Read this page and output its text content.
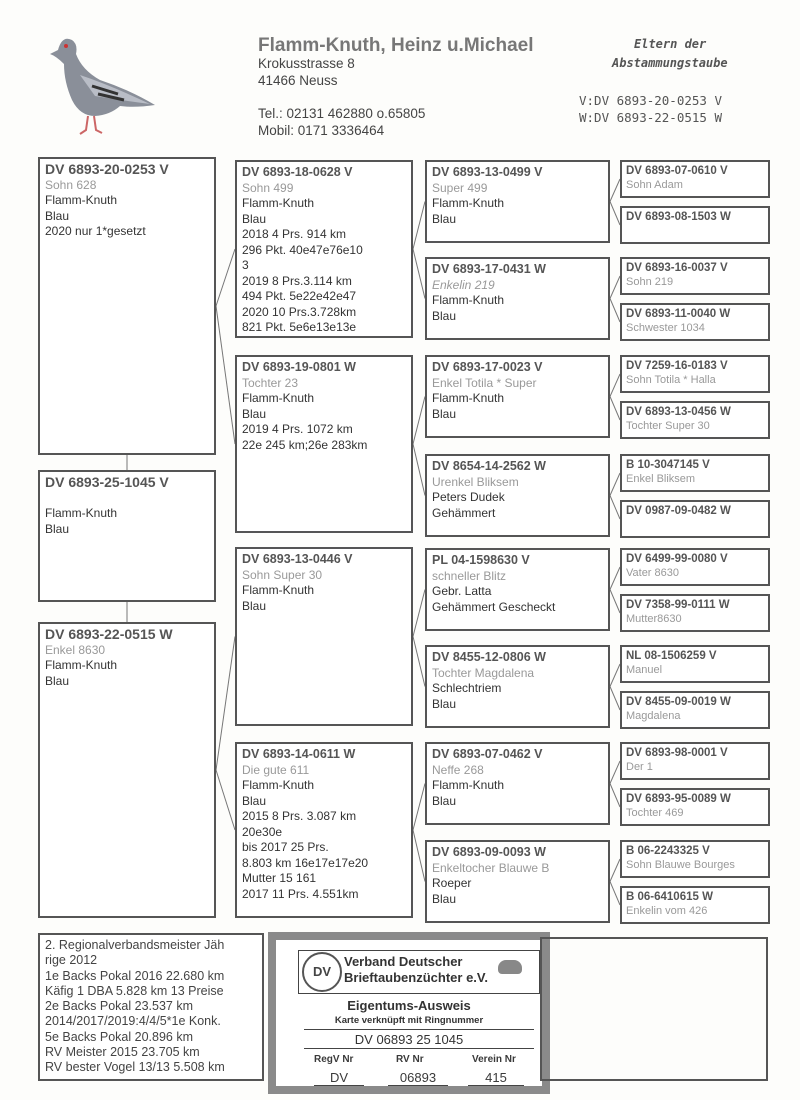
Flamm-Knuth, Heinz u.Michael
Krokusstrasse 8
41466 Neuss
Tel.: 02131 462880 o.65805
Mobil: 0171 3336464
Eltern der
Abstammungstaube
V:DV 6893-20-0253 V
W:DV 6893-22-0515 W
DV 6893-20-0253 V
Sohn 628
Flamm-Knuth
Blau
2020 nur 1*gesetzt
DV 6893-25-1045 V

Flamm-Knuth
Blau
DV 6893-22-0515 W
Enkel 8630
Flamm-Knuth
Blau
DV 6893-18-0628 V
Sohn 499
Flamm-Knuth
Blau
2018 4 Prs. 914 km
296 Pkt. 40e47e76e10
3
2019 8 Prs.3.114 km
494 Pkt. 5e22e42e47
2020 10 Prs.3.728km
821 Pkt. 5e6e13e13e
DV 6893-19-0801 W
Tochter 23
Flamm-Knuth
Blau
2019 4 Prs. 1072 km
22e 245 km;26e 283km
DV 6893-13-0446 V
Sohn Super 30
Flamm-Knuth
Blau
DV 6893-14-0611 W
Die gute 611
Flamm-Knuth
Blau
2015 8 Prs. 3.087 km
20e30e
bis 2017 25 Prs.
8.803 km 16e17e17e20
Mutter 15 161
2017 11 Prs. 4.551km
DV 6893-13-0499 V
Super 499
Flamm-Knuth
Blau
DV 6893-17-0431 W
Enkelin 219
Flamm-Knuth
Blau
DV 6893-17-0023 V
Enkel Totila * Super
Flamm-Knuth
Blau
DV 8654-14-2562 W
Urenkel Bliksem
Peters Dudek
Gehämmert
PL 04-1598630 V
schneller Blitz
Gebr. Latta
Gehämmert Gescheckt
DV 8455-12-0806 W
Tochter Magdalena
Schlechtriem
Blau
DV 6893-07-0462 V
Neffe 268
Flamm-Knuth
Blau
DV 6893-09-0093 W
Enkeltocher Blauwe B
Roeper
Blau
DV 6893-07-0610 V
Sohn Adam
DV 6893-08-1503 W
DV 6893-16-0037 V
Sohn 219
DV 6893-11-0040 W
Schwester 1034
DV 7259-16-0183 V
Sohn Totila * Halla
DV 6893-13-0456 W
Tochter Super 30
B 10-3047145 V
Enkel Bliksem
DV 0987-09-0482 W
DV 6499-99-0080 V
Vater 8630
DV 7358-99-0111 W
Mutter8630
NL 08-1506259 V
Manuel
DV 8455-09-0019 W
Magdalena
DV 6893-98-0001 V
Der 1
DV 6893-95-0089 W
Tochter 469
B 06-2243325 V
Sohn Blauwe Bourges
B 06-6410615 W
Enkelin vom 426
2. Regionalverbandsmeister Jäh
rige 2012
1e Backs Pokal 2016 22.680 km
Käfig 1 DBA 5.828 km 13 Preise
2e Backs Pokal 23.537 km
2014/2017/2019:4/4/5*1e Konk.
5e Backs Pokal 20.896 km
RV Meister 2015 23.705 km
RV bester Vogel 13/13 5.508 km
DV
Verband Deutscher
Brieftaubenzüchter e.V.
Eigentums-Ausweis
Karte verknüpft mit Ringnummer
DV 06893 25 1045
RegV Nr	RV Nr	Verein Nr
DV	06893	415
